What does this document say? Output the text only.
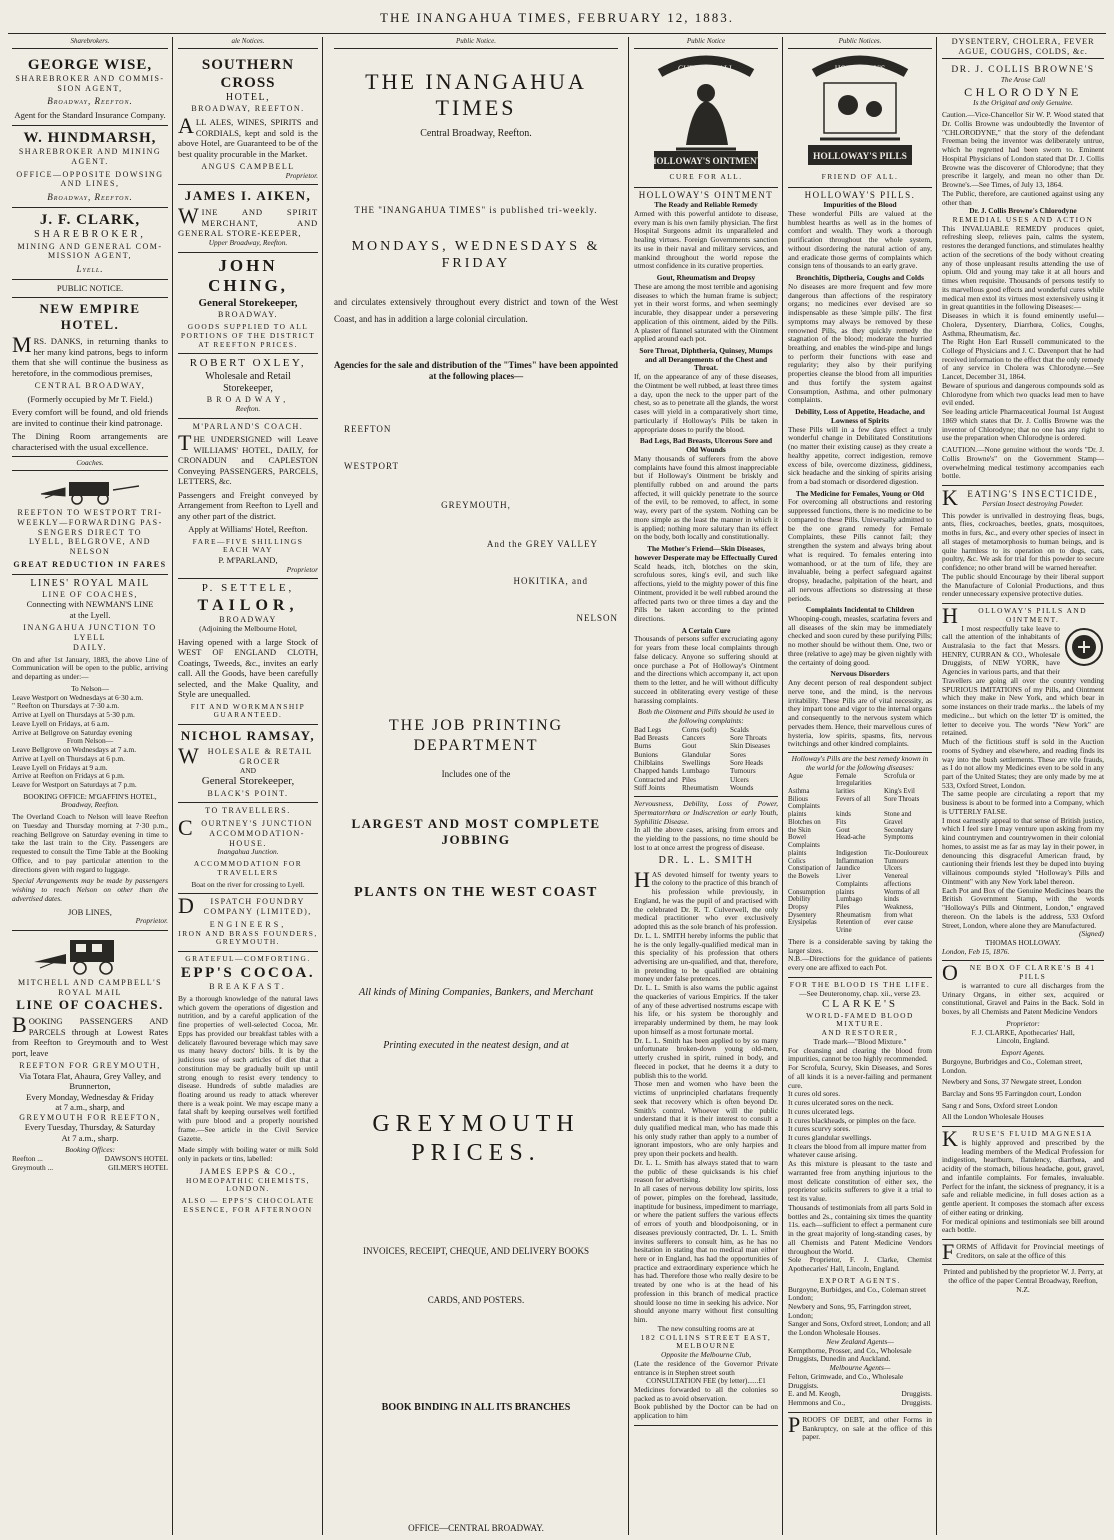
THE INANGAHUA TIMES, FEBRUARY 12, 1883.
Sharebrokers.
GEORGE WISE,
SHAREBROKER AND COMMIS-
SION AGENT,
Broadway, Reefton.
Agent for the Standard Insurance Company.
W. HINDMARSH,
SHAREBROKER AND MINING
AGENT.
OFFICE—OPPOSITE DOWSING
AND LINES,
Broadway, Reefton.
J. F. CLARK,
SHAREBROKER,
MINING AND GENERAL COM-
MISSION AGENT,
Lyell.
PUBLIC NOTICE.
NEW EMPIRE HOTEL.
MRS. DANKS, in returning thanks to her many kind patrons, begs to inform them that she will continue the business as heretofore, in the commodious premises,
CENTRAL BROADWAY,
(Formerly occupied by Mr T. Field.)
Every comfort will be found, and old friends are invited to continue their kind patronage.
The Dining Room arrangements are characterised with the usual excellence.
Coaches.
REEFTON TO WESTPORT TRI-
WEEKLY—FORWARDING PAS-
SENGERS DIRECT TO
LYELL, BELGROVE, AND NELSON
GREAT REDUCTION IN FARES
LINES' ROYAL MAIL
LINE OF COACHES,
Connecting with NEWMAN'S LINE
at the Lyell.
INANGAHUA JUNCTION TO LYELL
DAILY.
On and after 1st January, 1883, the above Line of Communication will be open to the public, arriving and departing as under:—
To Nelson—
Leave Westport on Wednesdays at 6·30 a.m.
" Reefton on Thursdays at 7·30 a.m.
Arrive at Lyell on Thursdays at 5·30 p.m.
Leave Lyell on Fridays, at 6 a.m.
Arrive at Bellgrove on Saturday evening
From Nelson—
Leave Bellgrove on Wednesdays at 7 a.m.
Arrive at Lyell on Thursdays at 6 p.m.
Leave Lyell on Fridays at 9 a.m.
Arrive at Reefton on Fridays at 6 p.m.
Leave for Westport on Saturdays at 7 p.m.
BOOKING OFFICE: M'GAFFIN'S HOTEL,
Broadway, Reefton.
The Overland Coach to Nelson will leave Reefton on Tuesday and Thursday morning at 7·30 p.m., reaching Bellgrove on Saturday evening in time to take the last train to the City. Passengers are requested to consult the Time Table at the Booking Office, and to pay particular attention to the directions given with regard to luggage.
Special Arrangements may be made by passengers wishing to reach Nelson on other than the advertised dates.
JOB LINES,
Proprietor.
MITCHELL AND CAMPBELL'S
ROYAL MAIL
LINE OF COACHES.
BOOKING PASSENGERS AND PARCELS through at Lowest Rates from Reefton to Greymouth and to West port, leave
REEFTON FOR GREYMOUTH,
Via Totara Flat, Ahaura, Grey Valley, and Brunnerton,
Every Monday, Wednesday & Friday
at 7 a.m., sharp, and
GREYMOUTH FOR REEFTON,
Every Tuesday, Thursday, & Saturday
At 7 a.m., sharp.
Booking Offices:
Reefton ...	DAWSON'S HOTEL
Greymouth ...	GILMER'S HOTEL
ale Notices.
SOUTHERN CROSS
HOTEL,
BROADWAY, REEFTON.
ALL ALES, WINES, SPIRITS and CORDIALS, kept and sold is the above Hotel, are Guaranteed to be of the best quality procurable in the Market.
ANGUS CAMPBELL
Proprietor.
JAMES I. AIKEN,
WINE AND SPIRIT MERCHANT, AND GENERAL STORE-KEEPER,
Upper Broadway, Reefton.
JOHN CHING,
General Storekeeper,
BROADWAY.
GOODS SUPPLIED TO ALL PORTIONS OF THE DISTRICT AT REEFTON PRICES.
ROBERT OXLEY,
Wholesale and Retail
Storekeeper,
BROADWAY,
Reefton.
M'PARLAND'S COACH.
THE UNDERSIGNED will Leave WILLIAMS' HOTEL, DAILY, for CRONADUN and CAPLESTON Conveying PASSENGERS, PARCELS, LETTERS, &c.
Passengers and Freight conveyed by Arrangement from Reefton to Lyell and any other part of the district.
Apply at Williams' Hotel, Reefton.
FARE—FIVE SHILLINGS EACH WAY
P. M'PARLAND,
Proprietor
P. SETTELE,
TAILOR,
BROADWAY
(Adjoining the Melbourne Hotel,
Having opened with a large Stock of WEST OF ENGLAND CLOTH, Coatings, Tweeds, &c., invites an early call. All the Goods, have been carefully selected, and the Make Quality, and Style are unequalled.
FIT AND WORKMANSHIP GUARANTEED.
NICHOL RAMSAY,
WHOLESALE & RETAIL GROCER
AND
General Storekeeper,
BLACK'S POINT.
TO TRAVELLERS.
COURTNEY'S JUNCTION ACCOMMODATION-HOUSE.
Inangahua Junction.
ACCOMMODATION FOR TRAVELLERS
Boat on the river for crossing to Lyell.
DISPATCH FOUNDRY COMPANY (LIMITED),
ENGINEERS,
IRON AND BRASS FOUNDERS,
GREYMOUTH.
GRATEFUL—COMFORTING.
EPP'S COCOA.
BREAKFAST.
By a thorough knowledge of the natural laws which govern the operations of digestion and nutrition, and by a careful application of the fine properties of well-selected Cocoa, Mr. Epps has provided our breakfast tables with a delicately flavoured beverage which may save us many heavy doctors' bills. It is by the judicious use of such articles of diet that a constitution may be gradually built up until strong enough to resist every tendency to disease. Hundreds of subtle maladies are floating around us ready to attack wherever there is a weak point. We may escape many a fatal shaft by keeping ourselves well fortified with pure blood and a properly nourished frame.—See article in the Civil Service Gazette.
Made simply with boiling water or milk Sold only in packets or tins, labelled:
JAMES EPPS & CO.,
HOMEOPATHIC CHEMISTS,
LONDON.
ALSO — EPPS'S CHOCOLATE ESSENCE, FOR AFTERNOON
Public Notice.
THE INANGAHUA TIMES
Central Broadway, Reefton.
THE "INANGAHUA TIMES" is published tri-weekly.
MONDAYS, WEDNESDAYS & FRIDAY
and circulates extensively throughout every district and town of the West Coast, and has in addition a large colonial circulation.
Agencies for the sale and distribution of the "Times" have been appointed at the following places—
REEFTON
WESTPORT
GREYMOUTH,
And the GREY VALLEY
HOKITIKA, and
NELSON
THE JOB PRINTING DEPARTMENT
Includes one of the
LARGEST AND MOST COMPLETE JOBBING
PLANTS ON THE WEST COAST
All kinds of Mining Companies, Bankers, and Merchant
Printing executed in the neatest design, and at
GREYMOUTH PRICES.
INVOICES, RECEIPT, CHEQUE, AND DELIVERY BOOKS
CARDS, AND POSTERS.
BOOK BINDING IN ALL ITS BRANCHES
OFFICE—CENTRAL BROADWAY.
Public Notice
CURE FOR ALL
HOLLOWAY'S OINTMENT
CURE FOR ALL.
HOLLOWAY'S OINTMENT
The Ready and Reliable Remedy
Armed with this powerful antidote to disease, every man is his own family physician. The first Hospital Surgeons admit its unparalleled and healing virtues. Foreign Governments sanction its use in their naval and military services, and mankind throughout the world repose the utmost confidence in its curative properties.
Gout, Rheumatism and Dropsy
These are among the most terrible and agonising diseases to which the human frame is subject; yet in their worst forms, and when seemingly incurable, they disappear under a persevering application of this ointment, aided by the Pills. A plaster of flannel saturated with the Ointment applied around each pot.
Sore Throat, Diphtheria, Quinsey, Mumps and all Derangements of the Chest and Throat.
If, on the appearance of any of these diseases, the Ointment be well rubbed, at least three times a day, upon the neck to the upper part of the chest, so as to penetrate all the glands, the worst cases will yield in a comparatively short time, particularly if Holloway's Pills be taken in appropriate doses to purify the blood.
Bad Legs, Bad Breasts, Ulcerous Sore and Old Wounds
Many thousands of sufferers from the above complaints have found this almost inappreciable but if Holloway's Ointment be briskly and plentifully rubbed on and around the parts affected, it will quickly penetrate to the source of the evil, to be removed, to affect, in some way, every part of the system. Nothing can be more simple as the least the manner in which it is applied; nothing more salutary than its effect on the body, both locally and constitutionally.
The Mother's Friend—Skin Diseases, however Desperate may be Effectually Cured
Scald heads, itch, blotches on the skin, scrofulous sores, king's evil, and such like affections, yield to the mighty power of this fine Ointment, provided it be well rubbed around the affected parts two or three times a day and the Pills be taken according to the printed directions.
A Certain Cure
Thousands of persons suffer excruciating agony for years from these local complaints through false delicacy. Anyone so suffering should at once purchase a Pot of Holloway's Ointment and the directions which accompany it, act upon them to the letter, and he will without difficulty succeed in obliterating every vestige of these harassing complaints.
Both the Ointment and Pills should be used in the following complaints:
Bad Legs	Corns (soft)	Scalds
Bad Breasts	Cancers	Sore Throats
Burns	Gout	Skin Diseases
Bunions	Glandular	Sores
Chilblains	Swellings	Sore Heads
Chapped hands Lumbago	Tumours
Contracted and Piles	Ulcers
Stiff Joints	Rheumatism	Wounds
Nervousness, Debility, Loss of Power, Spermatorrhœa or Indiscretion or early Youth, Syphilitic Disease.
In all the above cases, arising from errors and the yielding to the passions, no time should be lost to at once arrest the progress of disease.
DR. L. L. SMITH
HAS devoted himself for twenty years to the colony to the practice of this branch of his profession while previously, in England, he was the pupil of and practised with the celebrated Dr. R. T. Culverwell, the only medical practitioner who ever exclusively adopted this as the sole branch of his profession.
Dr. L. L. SMITH hereby informs the public that he is the only legally-qualified medical man in this speciality of his profession that others advertising are un-qualified, and that, therefore, in pretending to be qualified are obtaining money under false pretences.
Dr. L. L. Smith is also warns the public against the quackeries of various Empirics. If the taker of any of these advertised nostrums escape with his life, or his system be thoroughly and irreparably undermined by them, he may look upon himself as a most fortunate mortal.
Dr. L. L. Smith has been applied to by so many unfortunate broken-down young old-men, utterly crushed in spirit, ruined in body, and fleeced in pocket, that he deems it a duty to publish this to the world.
Those men and women who have been the victims of unprincipled charlatans frequently seek that recovery which is often beyond Dr. Smith's control. Whoever will the public understand that it is their interest to consult a duly qualified medical man, who has made this his only study rather than apply to a number of ignorant impostors, who are only harpies and prey upon their pockets and health.
Dr. L. L. Smith has always stated that to warn the public of these quicksands is his chief reason for advertising.
In all cases of nervous debility low spirits, loss of power, pimples on the forehead, lassitude, inaptitude for business, impediment to marriage, or where the patient suffers the various effects of errors of youth and bloodpoisoning, or in diseases previously contracted, Dr. L. L. Smith invites sufferers to consult him, as he has no hesitation in stating that no medical man either here or in England, has had the opportunities of practice and extraordinary experience which he has had. Therefore those who really desire to be treated by one who is at the head of his profession in this branch of medical practice should loose no time in seeking his advice. Nor should anyone marry without first consulting him.
The new consulting rooms are at
182 COLLINS STREET EAST, MELBOURNE
Opposite the Melbourne Club,
(Late the residence of the Governor Private entrance is in Stephen street south
CONSULTATION FEE (by letter)......£1
Medicines forwarded to all the colonies so packed as to avoid observation.
Book published by the Doctor can be had on application to him
Public Notices.
HOLLOWAY'S
HOLLOWAY'S PILLS
FRIEND OF ALL.
HOLLOWAY'S PILLS.
Impurities of the Blood
These wonderful Pills are valued at the humblest hearths as well as in the homes of comfort and wealth. They work a thorough purification throughout the whole system, without disordering the natural action of any, and eradicate those germs of complaints which consign tens of thousands to an early grave.
Bronchitis, Diptheria, Coughs and Colds
No diseases are more frequent and few more dangerous than affections of the respiratory organs; no medicines ever devised are so indispensable as these 'simple pills'. The first symptoms may always be removed by these renowned Pills, as they quickly remedy the stagnation of the blood; moderate the hurried breathing, and enables the wind-pipe and lungs to perform their functions with ease and regularity; they also by their purifying properties cleanse the blood from all impurities and thus fortify the system against Consumption, Asthma, and other pulmonary complaints.
Debility, Loss of Appetite, Headache, and Lowness of Spirits
These Pills will in a few days effect a truly wonderful change in Debilitated Constitutions (no matter their existing cause) as they create a healthy appetite, correct indigestion, remove excess of bile, overcome dizziness, giddiness, sick headache and the sinking of spirits arising from a bad stomach or disordered digestion.
The Medicine for Females, Young or Old
For overcoming all obstructions and restoring suppressed functions, there is no medicine to be compared to these Pills. Universally admitted to be the one grand remedy for Female Complaints, these Pills cannot fail; they strengthen the system and always bring about what is required. To females entering into womanhood, or at the turn of life, they are invaluable, being a perfect safeguard against dropsy, headache, palpitation of the heart, and all nervous affections so distressing at these periods.
Complaints Incidental to Children
Whooping-cough, measles, scarlatina fevers and all diseases of the skin may be immediately checked and soon cured by these purifying Pills; no mother should be without them. One, two or three (relative to age) may be given nightly with the certainty of doing good.
Nervous Disorders
Any decent person of real despondent subject nerve tone, and the mind, is the nervous irritability. These Pills are of vital necessity, as they impart tone and vigor to the internal organs and consequently to the nervous system which pervades them. Hence, their marvellous cures of hysteria, low spirits, spasms, fits, nervous twitchings and other kindred complaints.
Holloway's Pills are the best remedy known in the world for the following diseases:
Ague	Female Irregularities
Scrofula or
Asthma	larities	King's Evil
Bilious Complaints
Fevers of all	Sore Throats
plaints	kinds	Stone and
Blotches on	Fits	Gravel
the Skin	Gout	Secondary
Bowel Complaints
Head-ache	Symptoms
plaints	Indigestion	Tic-Douloureux
Colics	Inflammation	Tumours
Constipation of Jaundice	Ulcers
the Bowels	Liver Complaints
Venereal affections
Consumption	plaints	Worms of all
Debility	Lumbago	kinds
Dropsy	Piles	Weakness,
Dysentery	Rheumatism	from what
Erysipelas	Retention of	ever cause
Urine
There is a considerable saving by taking the larger sizes.
N.B.—Directions for the guidance of patients every one are affixed to each Pot.
FOR THE BLOOD IS THE LIFE.
—See Deuteronomy, chap. xii., verse 23.
CLARKE'S
WORLD-FAMED BLOOD MIXTURE.
AND RESTORER,
Trade mark—"Blood Mixture."
For cleansing and clearing the blood from impurities, cannot be too highly recommended.
For Scrofula, Scurvy, Skin Diseases, and Sores of all kinds it is a never-failing and permanent cure.
It cures old sores.
It cures ulcerated sores on the neck.
It cures ulcerated legs.
It cures blackheads, or pimples on the face.
It cures scurvy sores.
It cures glandular swellings.
It clears the blood from all impure matter from whatever cause arising.
As this mixture is pleasant to the taste and warranted free from anything injurious to the most delicate constitution of either sex, the proprietor solicits sufferers to give it a trial to test its value.
Thousands of testimonials from all parts Sold in bottles and 2s., containing six times the quantity 11s. each—sufficient to effect a permanent cure in the great majority of long-standing cases, by all Chemists and Patent Medicine Vendors throughout the World.
Sole Proprietor, F. J. Clarke, Chemist Apothecaries' Hall, Lincoln, England.
EXPORT AGENTS.
Burgoyne, Burbidges, and Co., Coleman street London;
Newbery and Sons, 95, Farringdon street, London;
Sanger and Sons, Oxford street, London; and all the London Wholesale Houses.
New Zealand Agents—
Kempthorne, Prosser, and Co., Wholesale Druggists, Dunedin and Auckland.
Melbourne Agents—
Felton, Grimwade, and Co., Wholesale Druggists.
E. and M. Keogh,	Druggists.
Hemmons and Co.,	Druggists.
PROOFS OF DEBT, and other Forms in Bankruptcy, on sale at the office of this paper.
DYSENTERY, CHOLERA, FEVER
AGUE, COUGHS, COLDS, &c.
DR. J. COLLIS BROWNE'S
The Arose Call
CHLORODYNE
Is the Original and only Genuine.
Caution.—Vice-Chancellor Sir W. P. Wood stated that Dr. Collis Browne was undoubtedly the Inventor of "CHLORODYNE," that the story of the defendant Freeman being the inventor was deliberately untrue, which he regretted had been sworn to. Eminent Hospital Physicians of London stated that Dr. J. Collis Browne was the discoverer of Chlorodyne; that they prescribe it largely, and mean no other than Dr. Browne's.—See Times, of July 13, 1864.
The Public, therefore, are cautioned against using any other than
Dr. J. Collis Browne's Chlorodyne
REMEDIAL USES AND ACTION
This INVALUABLE REMEDY produces quiet, refreshing sleep, relieves pain, calms the system, restores the deranged functions, and stimulates healthy action of the secretions of the body without creating any of those unpleasant results attending the use of opium. Old and young may take it at all hours and times when requisite. Thousands of persons testify to its marvellous good effects and wonderful cures while medical men extol its virtues most extensively using it in great quantities in the following Diseases:—
Diseases in which it is found eminently useful—Cholera, Dysentery, Diarrhœa, Colics, Coughs, Asthma, Rheumatism, &c.
The Right Hon Earl Russell communicated to the College of Physicians and J. C. Davenport that he had received information to the effect that the only remedy of any service in Cholera was Chlorodyne.—See Lancet, December 31, 1864.
Beware of spurious and dangerous compounds sold as Chlorodyne from which two quacks lead men to have evil ended.
See leading article Pharmaceutical Journal 1st August 1869 which states that Dr. J. Collis Browne was the inventor of Chlorodyne; that no one has any right to use the preparation when Chlorodyne is ordered.
CAUTION.—None genuine without the words "Dr. J. Collis Browne's" on the Government Stamp—overwhelming medical testimony accompanies each bottle.
KEATING'S INSECTICIDE,
Persian Insect destroying Powder.
This powder is unrivalled in destroying fleas, bugs, ants, flies, cockroaches, beetles, gnats, mosquitoes, moths in furs, &c., and every other species of insect in all stages of metamorphosis to human beings, and is quite harmless to its operation on to dogs, cats, poultry, &c. We ask for trial for this powder to secure confidence; no other brand will be warned hereafter.
The public should Encourage by their liberal support the Manufacture of Colonial Productions, and thus render unnecessary expensive protective duties.
HOLLOWAY'S PILLS AND OINTMENT.
I most respectfully take leave to call the attention of the inhabitants of Australasia to the fact that Messrs. HENRY, CURRAN & CO., Wholesale Druggists, of NEW YORK, have Agencies in various parts, and that their Travellers are going all over the country vending SPURIOUS IMITATIONS of my Pills, and Ointment which they make in New York, and which bear in some instances on their trade marks... the labels of my medicine... but which on the letter 'D' is omitted, the letter to deceive you. The words "New York" are retained.
Much of the fictitious stuff is sold in the Auction rooms of Sydney and elsewhere, and reading finds its way into the bush settlements. These are vile frauds, as I do not allow my Medicines even to be sold in any part of the United States; they are only made by me at 533, Oxford Street, London.
The same people are circulating a report that my business is about to be formed into a Company, which is UTTERLY FALSE.
I most earnestly appeal to that sense of British justice, which I feel sure I may venture upon asking from my kind countrymen and countrywomen in their colonial homes, to assist me as far as may lay in their power, in denouncing this disgraceful American fraud, by cautioning their friends lest they be duped into buying villainous compounds styled "Holloway's Pills and Ointment" with any New York label thereon.
Each Pot and Box of the Genuine Medicines bears the British Government Stamp, with the words "Holloway's Pills and Ointment, London," engraved thereon. On the labels is the address, 533 Oxford Street, London, where alone they are Manufactured.
(Signed)
THOMAS HOLLOWAY.
London, Feb 15, 1876.
ONE BOX OF CLARKE'S B 41 PILLS
is warranted to cure all discharges from the Urinary Organs, in either sex, acquired or constitutional, Gravel and Pains in the Back. Sold in boxes, by all Chemists and Patent Medicine Vendors
Proprietor:
F. J. CLARKE, Apothecaries' Hall,
Lincoln, England.
Export Agents.
Burgoyne, Burbridges and Co., Coleman street, London.
Newbery and Sons, 37 Newgate street, London
Barclay and Sons 95 Farringdon court, London
Sang r and Sons, Oxford street London
All the London Wholesale Houses
KRUSE'S FLUID MAGNESIA
is highly approved and prescribed by the leading members of the Medical Profession for indigestion, heartburn, flatulency, diarrhœa, and acidity of the stomach, bilious headache, gout, gravel, and infantile complaints. For females, invaluable. Perfect for the infant, the sickness of pregnancy, it is a safe and reliable medicine, in full doses action as a gentle aperient. It composes the stomach after excess of either eating or drinking.
For medical opinions and testimonials see bill around each bottle.
FORMS of Affidavit for Provincial meetings of Creditors, on sale at the office of this
Printed and published by the proprietor W. J. Perry, at the office of the paper Central Broadway, Reefton, N.Z.
